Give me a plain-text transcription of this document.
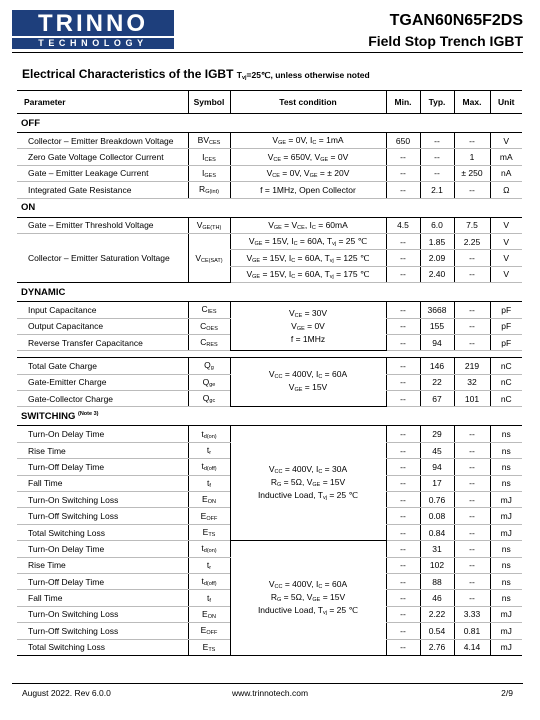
TRINNO
TECHNOLOGY
TGAN60N65F2DS
Field Stop Trench IGBT
Electrical Characteristics of the IGBT $T_{vj}=25℃$, unless otherwise noted
Parameter	Symbol	Test condition	Min.	Typ.	Max.	Unit
OFF						
Collector – Emitter Breakdown Voltage	$BV_{CES}$	$V_{GE} = 0V$, $I_C = 1mA$	650	--	--	V
Zero Gate Voltage Collector Current	$I_{CES}$	$V_{CE} = 650V$, $V_{GE} = 0V$	--	--	1	mA
Gate – Emitter Leakage Current	$I_{GES}$	$V_{CE} = 0V$, $V_{GE}$ = ± 20V	--	--	± 250	nA
Integrated Gate Resistance	$R_{G(int)}$	f = 1MHz, Open Collector	--	2.1	--	Ω
ON						
Gate – Emitter Threshold Voltage	$V_{GE(TH)}$	$V_{GE} = V_{CE}$, $I_C = 60mA$	4.5	6.0	7.5	V
Collector – Emitter Saturation Voltage	$V_{CE(SAT)}$	$V_{GE} = 15V$, $I_C = 60A$, $T_{vj} = 25$ ℃	--	1.85	2.25	V
		$V_{GE} = 15V$, $I_C = 60A$, $T_{vj} = 125$ ℃	--	2.09	--	V
		$V_{GE} = 15V$, $I_C = 60A$, $T_{vj} = 175$ ℃	--	2.40	--	V
DYNAMIC						
Input Capacitance	$C_{IES}$	$V_{CE} = 30V$
$V_{GE} = 0V$
f = 1MHz	--	3668	--	pF
Output Capacitance	$C_{OES}$		--	155	--	pF
Reverse Transfer Capacitance	$C_{RES}$		--	94	--	pF

Total Gate Charge	$Q_g$	$V_{CC} = 400V$, $I_C = 60A$
$V_{GE} = 15V$	--	146	219	nC
Gate-Emitter Charge	$Q_{ge}$		--	22	32	nC
Gate-Collector Charge	$Q_{gc}$		--	67	101	nC
SWITCHING $^{(Note 3)}$
Turn-On Delay Time	$t_{d(on)}$	$V_{CC} = 400V$, $I_C = 30A$
$R_G = 5\Omega$, $V_{GE} = 15V$
Inductive Load, $T_{vj} = 25$ ℃	--	29	--	ns
Rise Time	$t_r$		--	45	--	ns
Turn-Off Delay Time	$t_{d(off)}$		--	94	--	ns
Fall Time	$t_f$		--	17	--	ns
Turn-On Switching Loss	$E_{ON}$		--	0.76	--	mJ
Turn-Off Switching Loss	$E_{OFF}$		--	0.08	--	mJ
Total Switching Loss	$E_{TS}$		--	0.84	--	mJ
Turn-On Delay Time	$t_{d(on)}$	$V_{CC} = 400V$, $I_C = 60A$
$R_G = 5\Omega$, $V_{GE} = 15V$
Inductive Load, $T_{vj} = 25$ ℃	--	31	--	ns
Rise Time	$t_r$		--	102	--	ns
Turn-Off Delay Time	$t_{d(off)}$		--	88	--	ns
Fall Time	$t_f$		--	46	--	ns
Turn-On Switching Loss	$E_{ON}$		--	2.22	3.33	mJ
Turn-Off Switching Loss	$E_{OFF}$		--	0.54	0.81	mJ
Total Switching Loss	$E_{TS}$		--	2.76	4.14	mJ
August 2022. Rev 6.0.0	www.trinnotech.com	2/9
